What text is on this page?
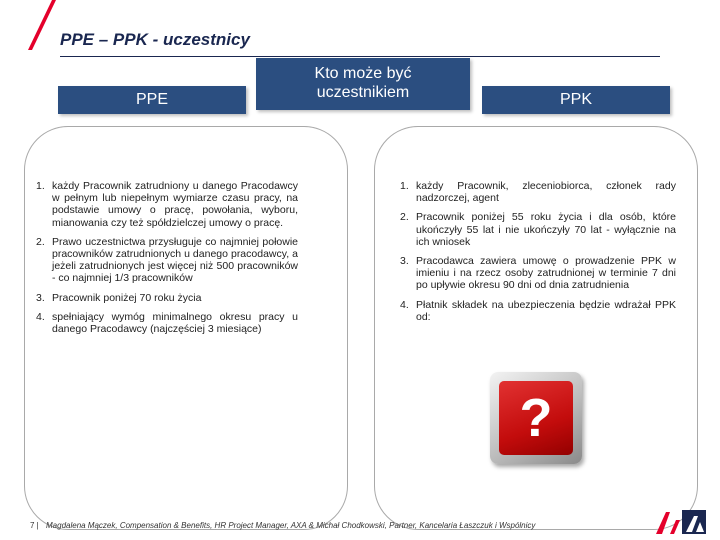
PPE – PPK - uczestnicy
PPE
Kto może być
uczestnikiem	PPK
1. każdy Pracownik zatrudniony u danego Pracodawcy w pełnym lub niepełnym wymiarze czasu pracy, na podstawie umowy o pracę, powołania, wyboru, mianowania czy też spółdzielczej umowy o pracę.
2. Prawo uczestnictwa przysługuje co najmniej połowie pracowników zatrudnionych u danego pracodawcy, a jeżeli zatrudnionych jest więcej niż 500 pracowników - co najmniej 1/3 pracowników
3. Pracownik poniżej 70 roku życia
4. spełniający wymóg minimalnego okresu pracy u danego Pracodawcy (najczęściej 3 miesiące)
1. każdy Pracownik, zleceniobiorca, członek rady nadzorczej, agent
2. Pracownik poniżej 55 roku życia i dla osób, które ukończyły 55 lat i nie ukończyły 70 lat - wyłącznie na ich wniosek
3. Pracodawca zawiera umowę o prowadzenie PPK w imieniu i na rzecz osoby zatrudnionej w terminie 7 dni po upływie okresu 90 dni od dnia zatrudnienia
4. Płatnik składek na ubezpieczenia będzie wdrażał PPK od:
?
7 | Magdalena Mączek, Compensation & Benefits, HR Project Manager, AXA & Michał Chodkowski, Partner, Kancelaria Łaszczuk i Wspólnicy
